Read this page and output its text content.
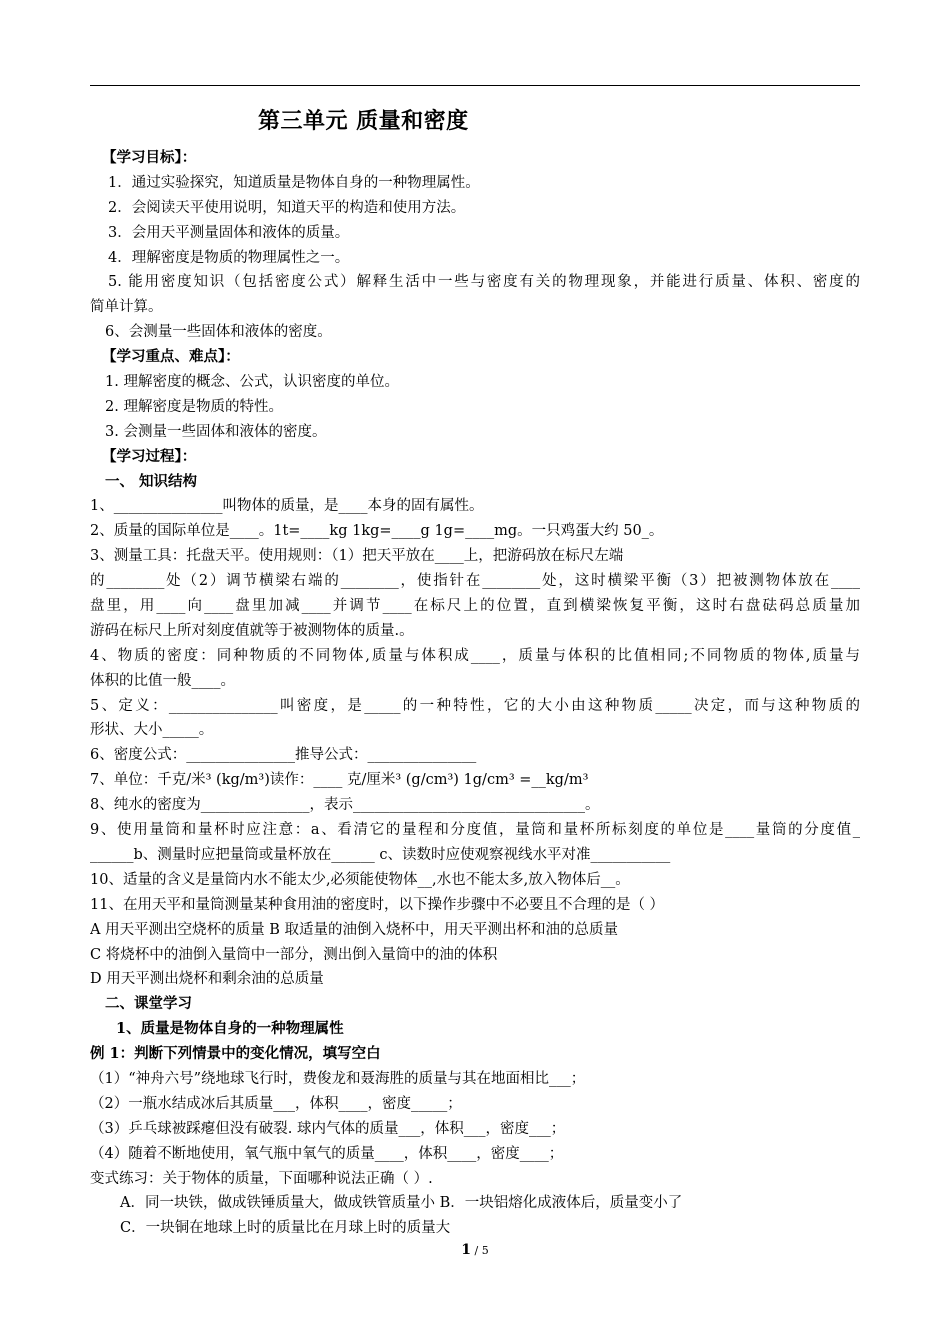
第三单元 质量和密度
【学习目标】：
1．通过实验探究，知道质量是物体自身的一种物理属性。
2．会阅读天平使用说明，知道天平的构造和使用方法。
3．会用天平测量固体和液体的质量。
4．理解密度是物质的物理属性之一。
5. 能用密度知识（包括密度公式）解释生活中一些与密度有关的物理现象，并能进行质量、体积、密度的
简单计算。
6、会测量一些固体和液体的密度。
【学习重点、难点】：
1. 理解密度的概念、公式，认识密度的单位。
2. 理解密度是物质的特性。
3. 会测量一些固体和液体的密度。
【学习过程】：
一、 知识结构
1、_______________叫物体的质量，是____本身的固有属性。
2、质量的国际单位是____。1t=____kg 1kg=____g 1g=____mg。一只鸡蛋大约 50_。
3、测量工具：托盘天平。使用规则：（1）把天平放在____上，把游码放在标尺左端
的________处（2）调节横梁右端的________，使指针在________处，这时横梁平衡（3）把被测物体放在____
盘里，用____向____盘里加减____并调节____在标尺上的位置，直到横梁恢复平衡，这时右盘砝码总质量加
游码在标尺上所对刻度值就等于被测物体的质量.。
4、物质的密度：同种物质的不同物体,质量与体积成____，质量与体积的比值相同;不同物质的物体,质量与
体积的比值一般____。
5、定义：_______________叫密度，是_____的一种特性，它的大小由这种物质_____决定，而与这种物质的
形状、大小_____。
6、密度公式：_______________推导公式：_______________
7、单位：千克/米³ (kg/m³)读作：____ 克/厘米³ (g/cm³) 1g/cm³ =__kg/m³
8、纯水的密度为_______________，表示________________________________。
9、使用量筒和量杯时应注意：a、看清它的量程和分度值，量筒和量杯所标刻度的单位是____量筒的分度值_
______b、测量时应把量筒或量杯放在______ c、读数时应使观察视线水平对准___________
10、适量的含义是量筒内水不能太少,必须能使物体__,水也不能太多,放入物体后__。
11、在用天平和量筒测量某种食用油的密度时，以下操作步骤中不必要且不合理的是（ ）
A 用天平测出空烧杯的质量 B 取适量的油倒入烧杯中，用天平测出杯和油的总质量
C 将烧杯中的油倒入量筒中一部分，测出倒入量筒中的油的体积
D 用天平测出烧杯和剩余油的总质量
二、课堂学习
1、质量是物体自身的一种物理属性
例 1：判断下列情景中的变化情况，填写空白
（1）“神舟六号”绕地球飞行时，费俊龙和聂海胜的质量与其在地面相比___；
（2）一瓶水结成冰后其质量___，体积____，密度_____；
（3）乒乓球被踩瘪但没有破裂. 球内气体的质量___，体积___，密度___；
（4）随着不断地使用，氧气瓶中氧气的质量____，体积____，密度____；
变式练习：关于物体的质量，下面哪种说法正确（ ）.
A．同一块铁，做成铁锤质量大，做成铁管质量小 B．一块铝熔化成液体后，质量变小了
C．一块铜在地球上时的质量比在月球上时的质量大
1 / 5
